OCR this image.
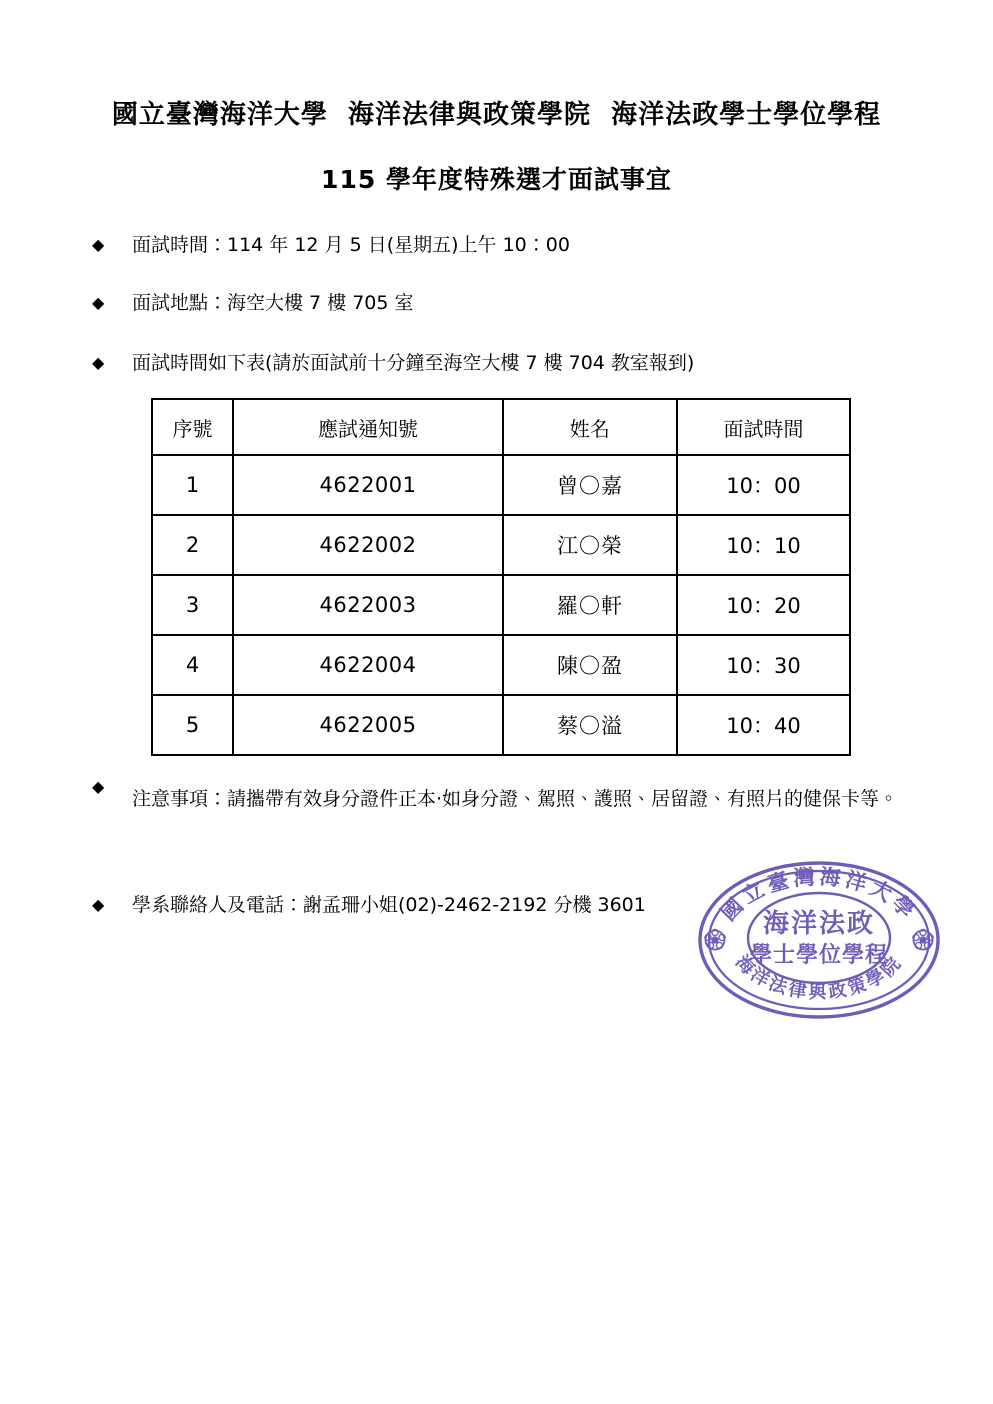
國立臺灣海洋大學  海洋法律與政策學院  海洋法政學士學位學程
115 學年度特殊選才面試事宜
◆	面試時間：114 年 12 月 5 日(星期五)上午 10：00
◆	面試地點：海空大樓 7 樓 705 室
◆	面試時間如下表(請於面試前十分鐘至海空大樓 7 樓 704 教室報到)
序號	應試通知號	姓名	面試時間
1	4622001	曾〇嘉	10：00
2	4622002	江〇榮	10：10
3	4622003	羅〇軒	10：20
4	4622004	陳〇盈	10：30
5	4622005	蔡〇溢	10：40
◆
注意事項：請攜帶有效身分證件正本‧如身分證、駕照、護照、居留證、有照片的健保卡等。
◆	學系聯絡人及電話：謝孟珊小姐(02)-2462-2192 分機 3601	國立臺灣海洋大學
海洋法律與政策學院
海洋法政
學士學位學程
